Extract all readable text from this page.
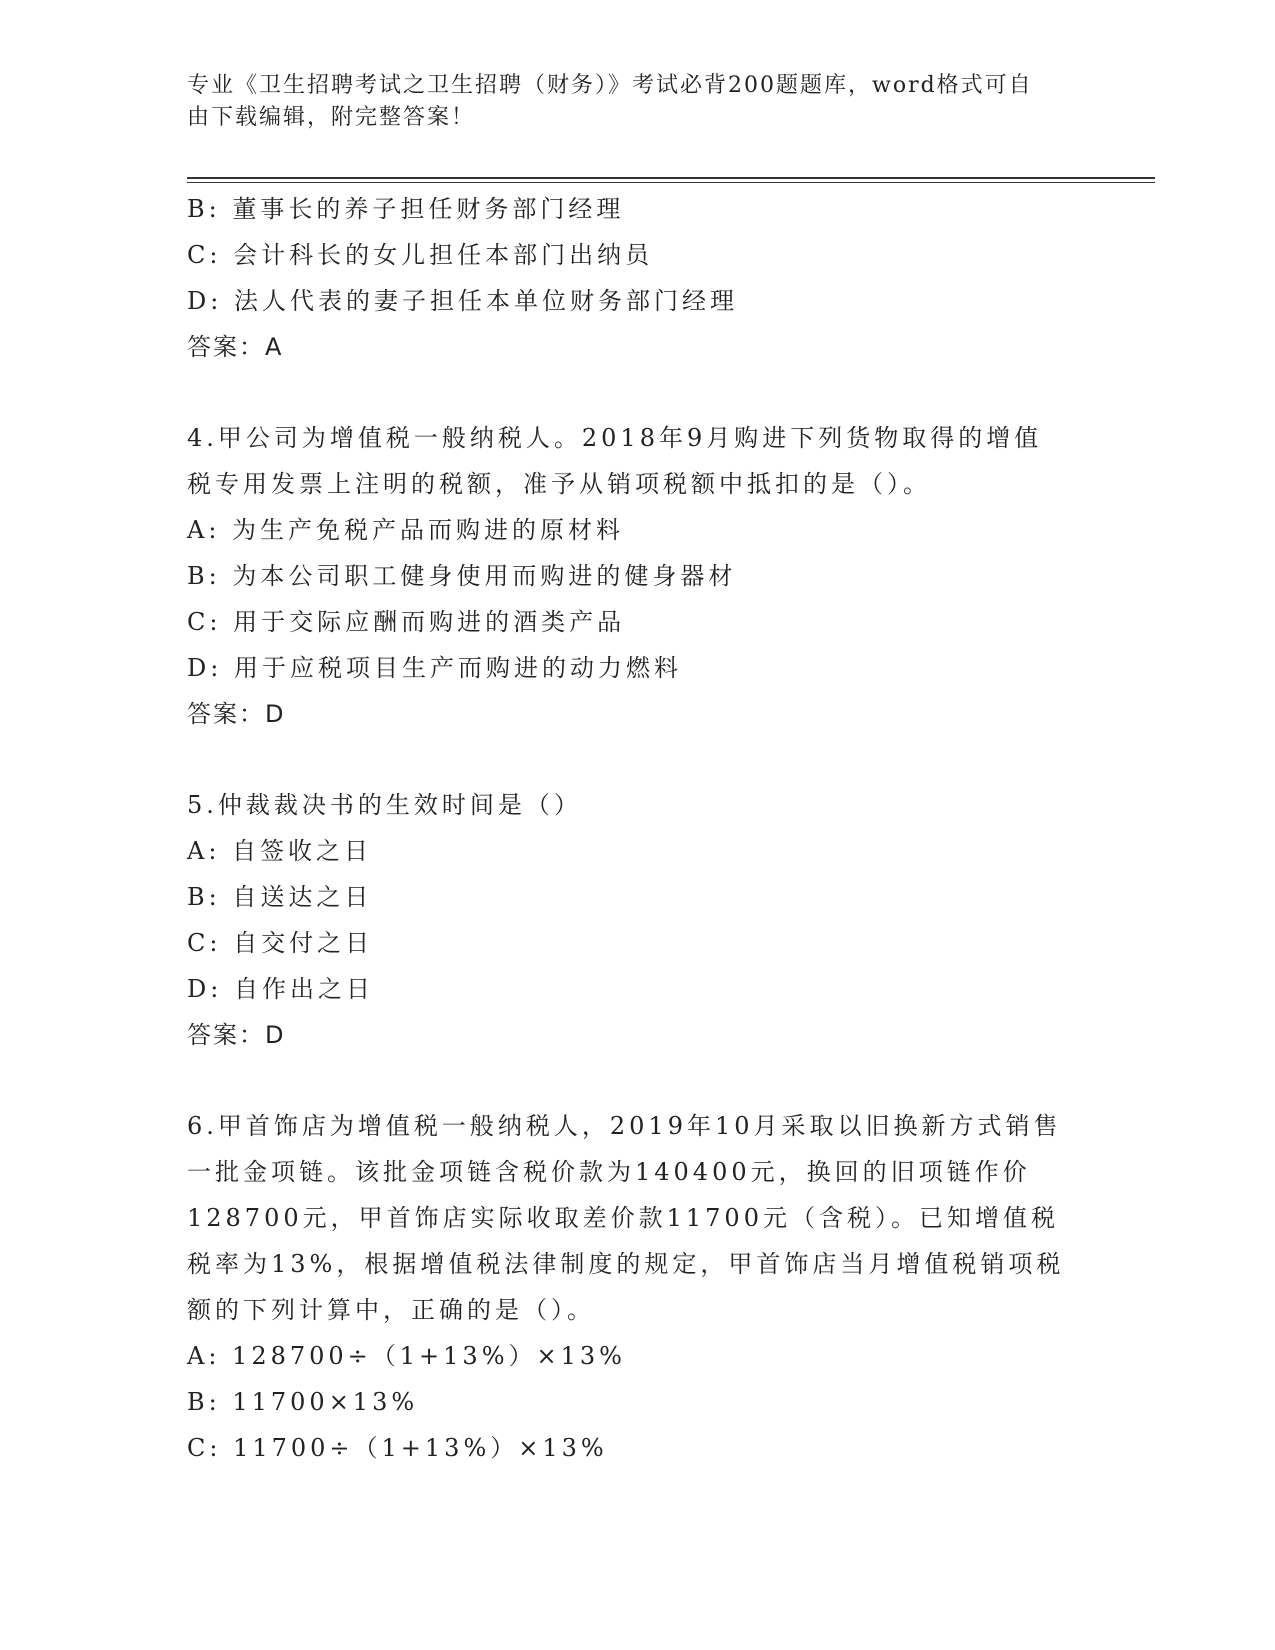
专业《卫生招聘考试之卫生招聘（财务）》考试必背200题题库，word格式可自
由下载编辑，附完整答案！
B: 董事长的养子担任财务部门经理
C: 会计科长的女儿担任本部门出纳员
D: 法人代表的妻子担任本单位财务部门经理
答案：A
4.甲公司为增值税一般纳税人。2018年9月购进下列货物取得的增值
税专用发票上注明的税额，准予从销项税额中抵扣的是（）。
A: 为生产免税产品而购进的原材料
B: 为本公司职工健身使用而购进的健身器材
C: 用于交际应酬而购进的酒类产品
D: 用于应税项目生产而购进的动力燃料
答案：D
5.仲裁裁决书的生效时间是（）
A: 自签收之日
B: 自送达之日
C: 自交付之日
D: 自作出之日
答案：D
6.甲首饰店为增值税一般纳税人，2019年10月采取以旧换新方式销售
一批金项链。该批金项链含税价款为140400元，换回的旧项链作价
128700元，甲首饰店实际收取差价款11700元（含税）。已知增值税
税率为13%，根据增值税法律制度的规定，甲首饰店当月增值税销项税
额的下列计算中，正确的是（）。
A: 128700÷（1+13%）×13%
B: 11700×13%
C: 11700÷（1+13%）×13%
